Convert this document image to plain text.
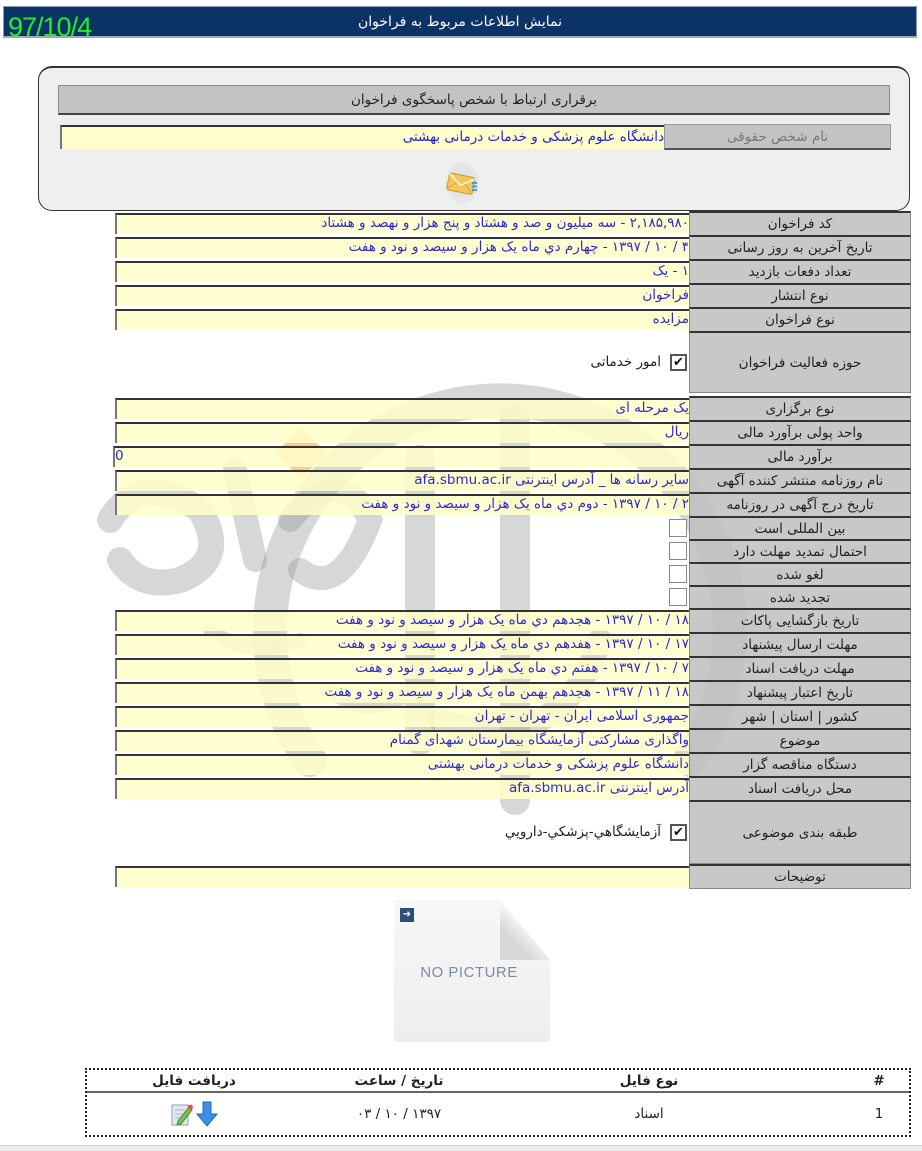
97/10/4	نمایش اطلاعات مربوط به فراخوان
برقراری ارتباط با شخص پاسخگوی فراخوان
نام شخص حقوقی
دانشگاه علوم پزشکی و خدمات درمانی بهشتی
کد فراخوان
۲,۱۸۵,۹۸۰ - سه میلیون و صد و هشتاد و پنج هزار و نهصد و هشتاد
تاریخ آخرین به روز رسانی
۴ / ۱۰ / ۱۳۹۷ - چهارم دي ماه یک هزار و سیصد و نود و هفت
تعداد دفعات بازدید
۱ - یک
نوع انتشار
فراخوان
نوع فراخوان
مزایده
حوزه فعالیت فراخوان
✔
امور خدماتی
نوع برگزاری
یک مرحله ای
واحد پولی برآورد مالی
ریال
برآورد مالی
0
نام روزنامه منتشر کننده آگهی
سایر رسانه ها _ آدرس اینترنتی afa.sbmu.ac.ir
تاریخ درج آگهی در روزنامه
۲ / ۱۰ / ۱۳۹۷ - دوم دي ماه یک هزار و سیصد و نود و هفت
بین المللی است
احتمال تمدید مهلت دارد
لغو شده
تجدید شده
تاریخ بازگشایی پاکات
۱۸ / ۱۰ / ۱۳۹۷ - هجدهم دي ماه یک هزار و سیصد و نود و هفت
مهلت ارسال پیشنهاد
۱۷ / ۱۰ / ۱۳۹۷ - هفدهم دي ماه یک هزار و سیصد و نود و هفت
مهلت دریافت اسناد
۷ / ۱۰ / ۱۳۹۷ - هفتم دي ماه یک هزار و سیصد و نود و هفت
تاریخ اعتبار پیشنهاد
۱۸ / ۱۱ / ۱۳۹۷ - هجدهم بهمن ماه یک هزار و سیصد و نود و هفت
کشور | استان | شهر
جمهوری اسلامی ایران - تهران - تهران
موضوع
واگذاری مشارکتی آزمایشگاه بیمارستان شهدای گمنام
دستگاه مناقصه گزار
دانشگاه علوم پزشکی و خدمات درمانی بهشتی
محل دریافت اسناد
آدرس اینترنتی afa.sbmu.ac.ir
طبقه بندی موضوعی
✔
آزمایشگاهي-پزشکي-دارويي
توضیحات
➜
NO PICTURE
#
نوع فایل
تاریخ / ساعت
دریافت فایل
1
اسناد
۱۳۹۷ / ۱۰ / ۰۳
